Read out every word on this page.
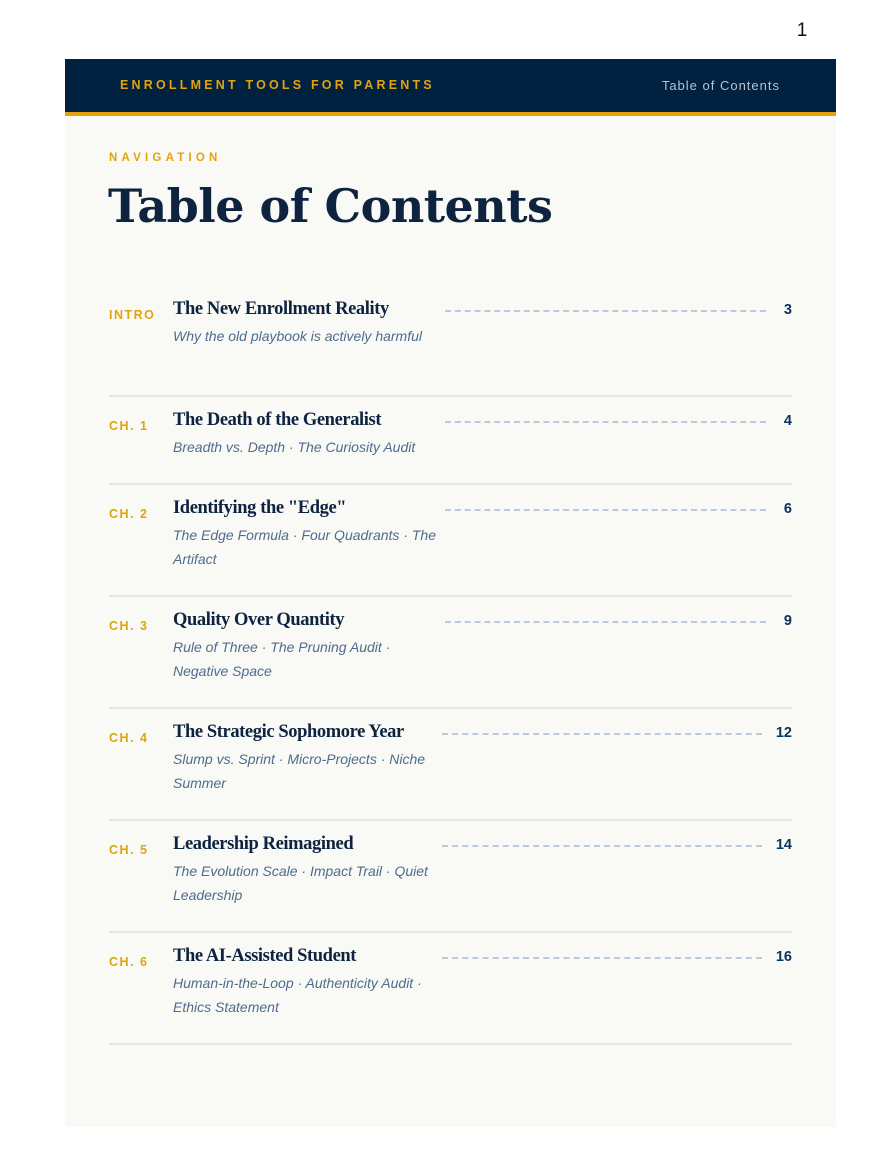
1
ENROLLMENT TOOLS FOR PARENTS	Table of Contents
NAVIGATION
Table of Contents
INTRO The New Enrollment Reality	3
Why the old playbook is actively harmful
CH. 1 The Death of the Generalist	4
Breadth vs. Depth · The Curiosity Audit
CH. 2 Identifying the "Edge"	6
The Edge Formula · Four Quadrants · The Artifact
CH. 3 Quality Over Quantity	9
Rule of Three · The Pruning Audit · Negative Space
CH. 4 The Strategic Sophomore Year	12
Slump vs. Sprint · Micro-Projects · Niche Summer
CH. 5 Leadership Reimagined	14
The Evolution Scale · Impact Trail · Quiet Leadership
CH. 6 The AI-Assisted Student	16
Human-in-the-Loop · Authenticity Audit · Ethics Statement
